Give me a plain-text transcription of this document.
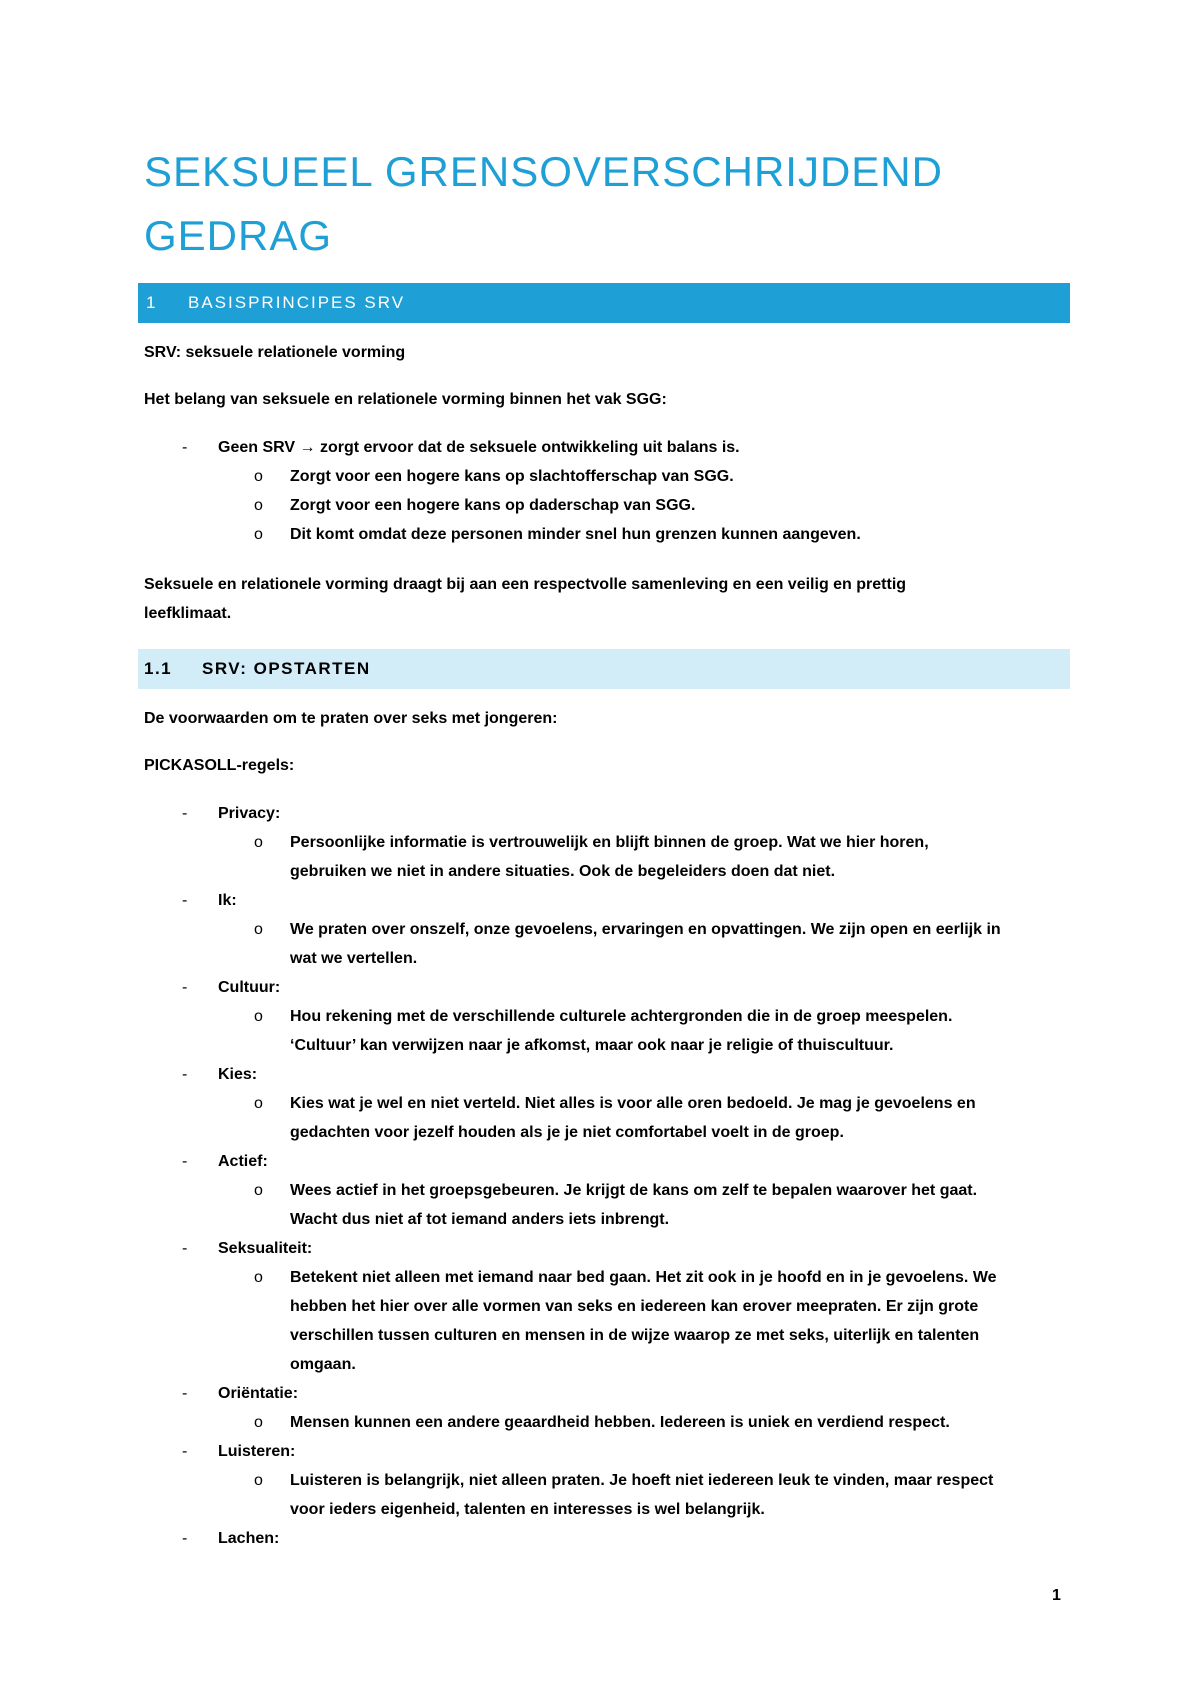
SEKSUEEL GRENSOVERSCHRIJDEND GEDRAG
1 BASISPRINCIPES SRV
SRV: seksuele relationele vorming
Het belang van seksuele en relationele vorming binnen het vak SGG:
- Geen SRV → zorgt ervoor dat de seksuele ontwikkeling uit balans is.
o Zorgt voor een hogere kans op slachtofferschap van SGG.
o Zorgt voor een hogere kans op daderschap van SGG.
o Dit komt omdat deze personen minder snel hun grenzen kunnen aangeven.
Seksuele en relationele vorming draagt bij aan een respectvolle samenleving en een veilig en prettig
leefklimaat.
1.1 SRV: OPSTARTEN
De voorwaarden om te praten over seks met jongeren:
PICKASOLL-regels:
- Privacy:
o Persoonlijke informatie is vertrouwelijk en blijft binnen de groep. Wat we hier horen,
gebruiken we niet in andere situaties. Ook de begeleiders doen dat niet.
- Ik:
o We praten over onszelf, onze gevoelens, ervaringen en opvattingen. We zijn open en eerlijk in
wat we vertellen.
- Cultuur:
o Hou rekening met de verschillende culturele achtergronden die in de groep meespelen.
‘Cultuur’ kan verwijzen naar je afkomst, maar ook naar je religie of thuiscultuur.
- Kies:
o Kies wat je wel en niet verteld. Niet alles is voor alle oren bedoeld. Je mag je gevoelens en
gedachten voor jezelf houden als je je niet comfortabel voelt in de groep.
- Actief:
o Wees actief in het groepsgebeuren. Je krijgt de kans om zelf te bepalen waarover het gaat.
Wacht dus niet af tot iemand anders iets inbrengt.
- Seksualiteit:
o Betekent niet alleen met iemand naar bed gaan. Het zit ook in je hoofd en in je gevoelens. We
hebben het hier over alle vormen van seks en iedereen kan erover meepraten. Er zijn grote
verschillen tussen culturen en mensen in de wijze waarop ze met seks, uiterlijk en talenten
omgaan.
- Oriëntatie:
o Mensen kunnen een andere geaardheid hebben. Iedereen is uniek en verdiend respect.
- Luisteren:
o Luisteren is belangrijk, niet alleen praten. Je hoeft niet iedereen leuk te vinden, maar respect
voor ieders eigenheid, talenten en interesses is wel belangrijk.
- Lachen:
1
